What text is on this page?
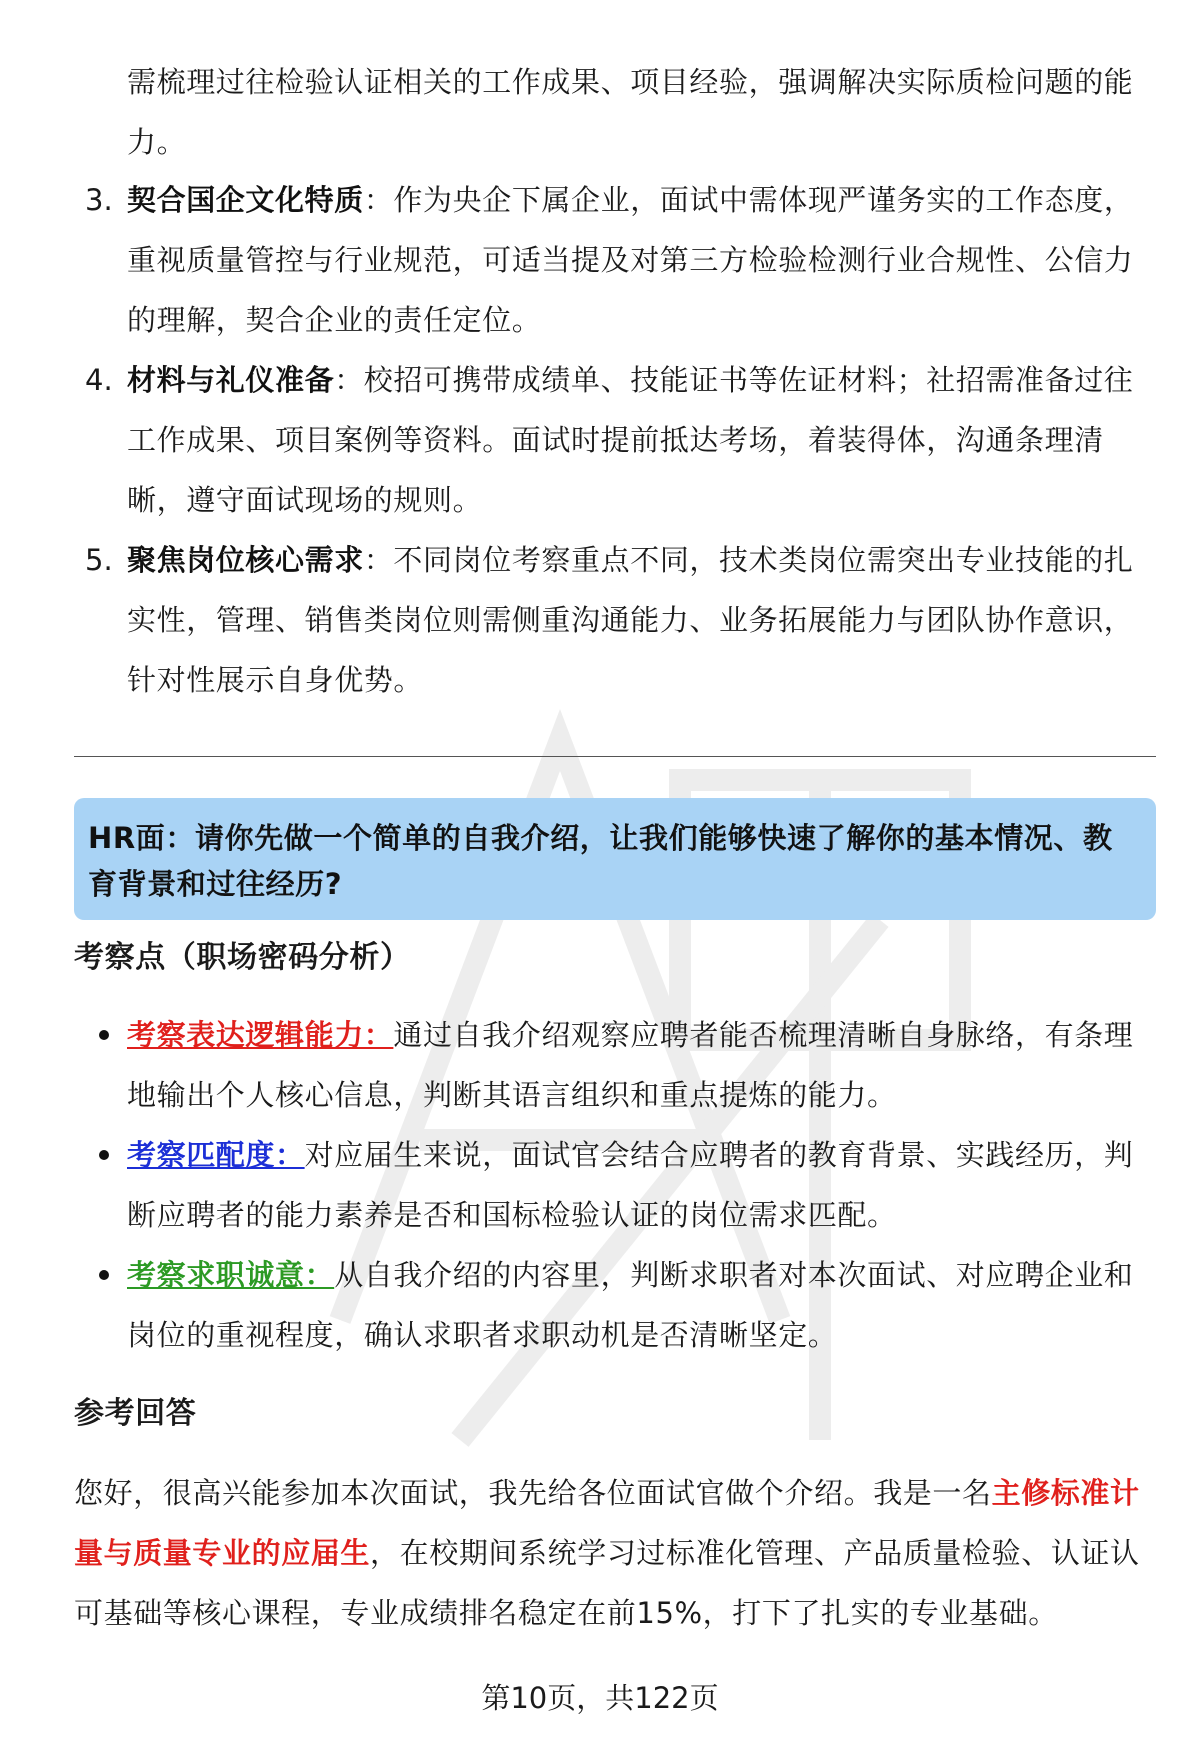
需梳理过往检验认证相关的工作成果、项目经验，强调解决实际质检问题的能
力。
3. 契合国企文化特质：作为央企下属企业，面试中需体现严谨务实的工作态度，
重视质量管控与行业规范，可适当提及对第三方检验检测行业合规性、公信力
的理解，契合企业的责任定位。
4. 材料与礼仪准备：校招可携带成绩单、技能证书等佐证材料；社招需准备过往
工作成果、项目案例等资料。面试时提前抵达考场，着装得体，沟通条理清
晰，遵守面试现场的规则。
5. 聚焦岗位核心需求：不同岗位考察重点不同，技术类岗位需突出专业技能的扎
实性，管理、销售类岗位则需侧重沟通能力、业务拓展能力与团队协作意识，
针对性展示自身优势。
HR面：请你先做一个简单的自我介绍，让我们能够快速了解你的基本情况、教
育背景和过往经历?
考察点（职场密码分析）
考察表达逻辑能力：通过自我介绍观察应聘者能否梳理清晰自身脉络，有条理
地输出个人核心信息，判断其语言组织和重点提炼的能力。
考察匹配度：对应届生来说，面试官会结合应聘者的教育背景、实践经历，判
断应聘者的能力素养是否和国标检验认证的岗位需求匹配。
考察求职诚意：从自我介绍的内容里，判断求职者对本次面试、对应聘企业和
岗位的重视程度，确认求职者求职动机是否清晰坚定。
参考回答
您好，很高兴能参加本次面试，我先给各位面试官做个介绍。我是一名主修标准计
量与质量专业的应届生，在校期间系统学习过标准化管理、产品质量检验、认证认
可基础等核心课程，专业成绩排名稳定在前15%，打下了扎实的专业基础。
第10页，共122页
